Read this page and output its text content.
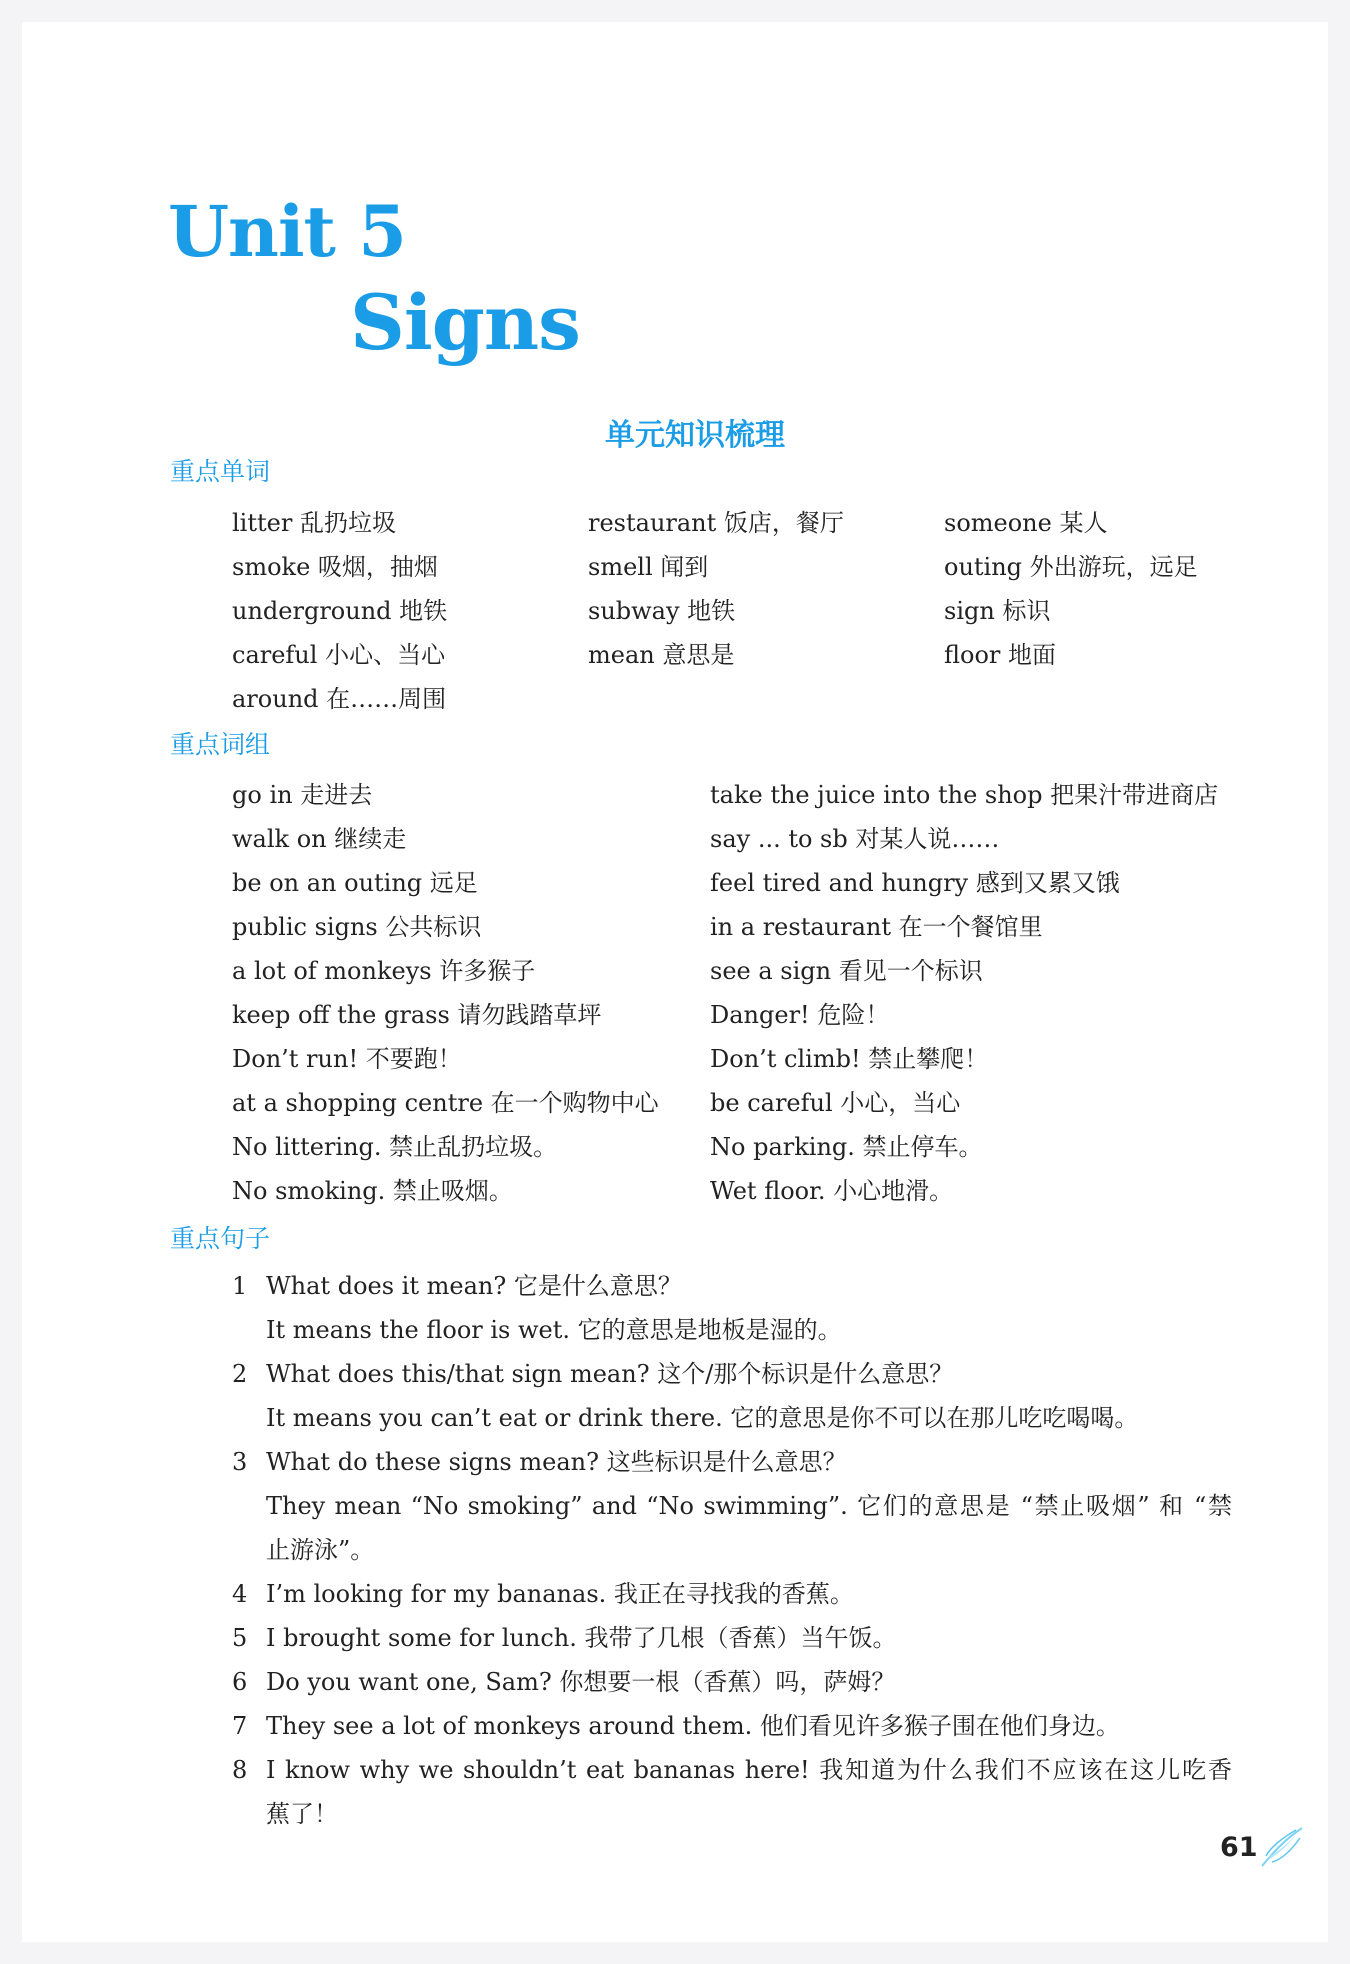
Unit 5
Signs
单元知识梳理
重点单词
litter 乱扔垃圾
smoke 吸烟，抽烟
underground 地铁
careful 小心、当心
around 在……周围
restaurant 饭店，餐厅
smell 闻到
subway 地铁
mean 意思是
someone 某人
outing 外出游玩，远足
sign 标识
floor 地面
重点词组
go in 走进去
walk on 继续走
be on an outing 远足
public signs 公共标识
a lot of monkeys 许多猴子
keep off the grass 请勿践踏草坪
Don’t run! 不要跑！
at a shopping centre 在一个购物中心
No littering. 禁止乱扔垃圾。
No smoking. 禁止吸烟。
take the juice into the shop 把果汁带进商店
say ... to sb 对某人说……
feel tired and hungry 感到又累又饿
in a restaurant 在一个餐馆里
see a sign 看见一个标识
Danger! 危险！
Don’t climb! 禁止攀爬！
be careful 小心，当心
No parking. 禁止停车。
Wet floor. 小心地滑。
重点句子
1 What does it mean? 它是什么意思？
It means the floor is wet. 它的意思是地板是湿的。
2 What does this/that sign mean? 这个/那个标识是什么意思？
It means you can’t eat or drink there. 它的意思是你不可以在那儿吃吃喝喝。
3 What do these signs mean? 这些标识是什么意思？
They mean “No smoking” and “No swimming”. 它们的意思是 “禁止吸烟” 和 “禁
止游泳”。
4 I’m looking for my bananas. 我正在寻找我的香蕉。
5 I brought some for lunch. 我带了几根（香蕉）当午饭。
6 Do you want one, Sam? 你想要一根（香蕉）吗，萨姆？
7 They see a lot of monkeys around them. 他们看见许多猴子围在他们身边。
8 I know why we shouldn’t eat bananas here! 我知道为什么我们不应该在这儿吃香
蕉了！
61
